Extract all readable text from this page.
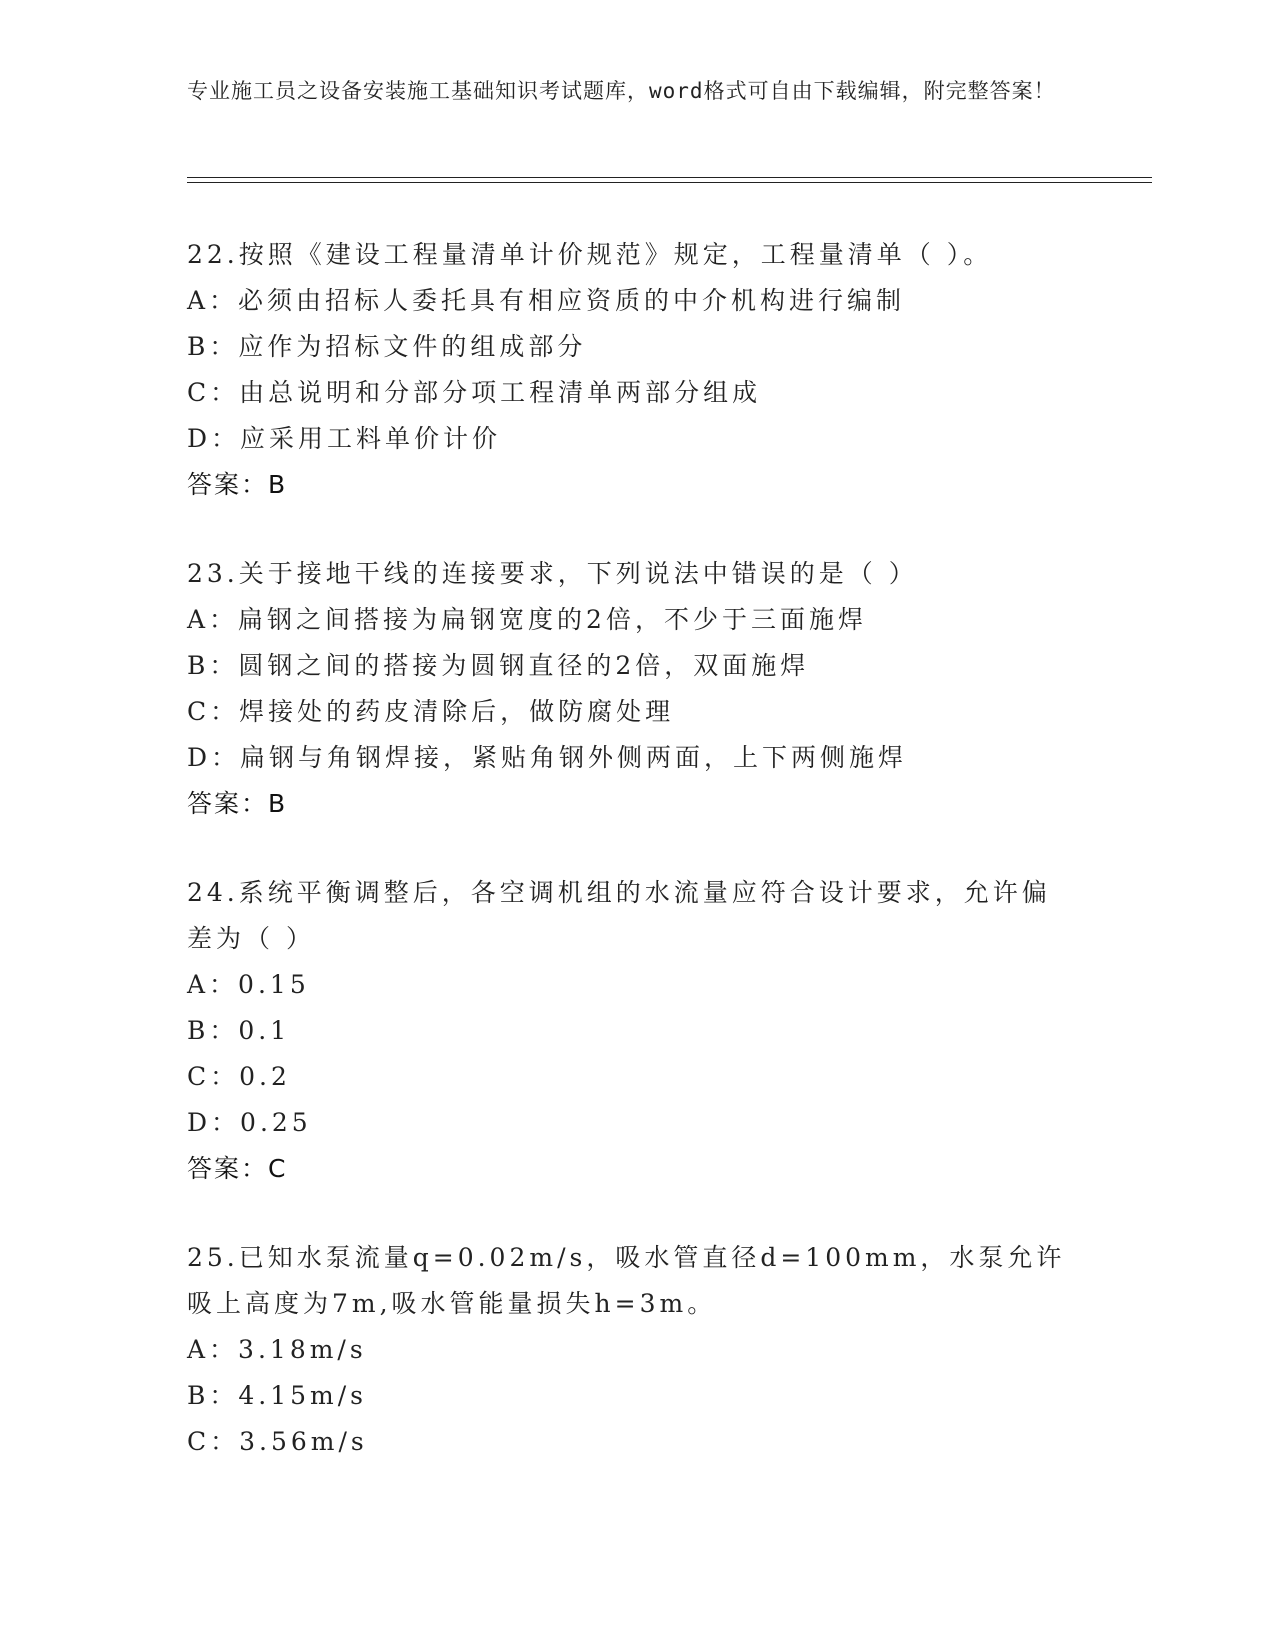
专业施工员之设备安装施工基础知识考试题库，word格式可自由下载编辑，附完整答案！

22.按照《建设工程量清单计价规范》规定，工程量清单（ ）。

A：必须由招标人委托具有相应资质的中介机构进行编制

B：应作为招标文件的组成部分

C：由总说明和分部分项工程清单两部分组成

D：应采用工料单价计价

答案：B

23.关于接地干线的连接要求，下列说法中错误的是（ ）

A：扁钢之间搭接为扁钢宽度的2倍，不少于三面施焊

B：圆钢之间的搭接为圆钢直径的2倍，双面施焊

C：焊接处的药皮清除后，做防腐处理

D：扁钢与角钢焊接，紧贴角钢外侧两面，上下两侧施焊

答案：B

24.系统平衡调整后，各空调机组的水流量应符合设计要求，允许偏差为（ ）

A：0.15

B：0.1

C：0.2

D：0.25

答案：C

25.已知水泵流量q=0.02m/s，吸水管直径d=100mm，水泵允许吸上高度为7m,吸水管能量损失h=3m。

A：3.18m/s

B：4.15m/s

C：3.56m/s
